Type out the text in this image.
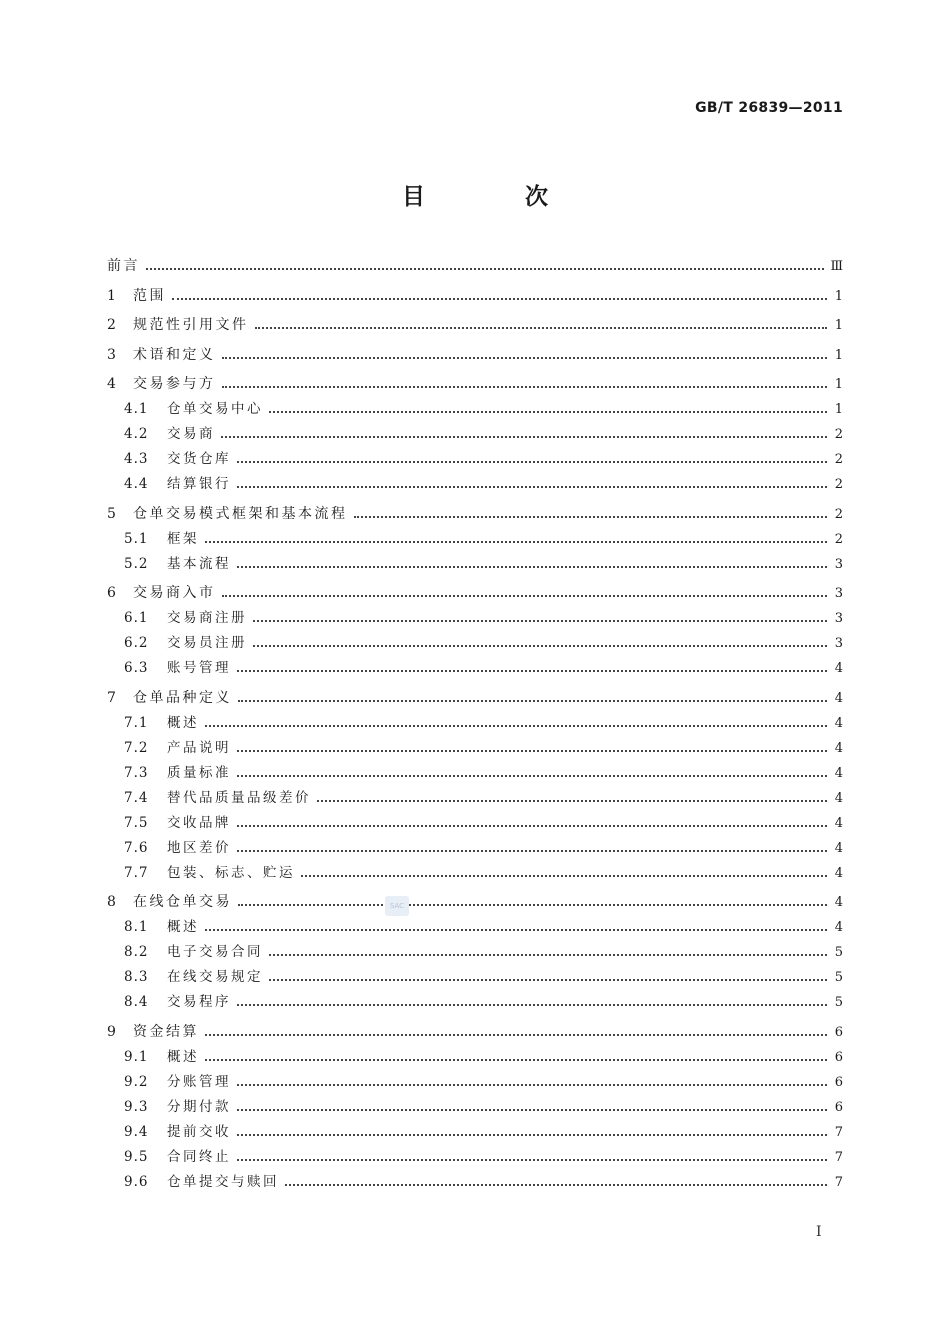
GB/T 26839—2011
目 次
前言	Ⅲ
1	范围	1
2	规范性引用文件	1
3	术语和定义	1
4	交易参与方	1
4.1	仓单交易中心	1
4.2	交易商	2
4.3	交货仓库	2
4.4	结算银行	2
5	仓单交易模式框架和基本流程	2
5.1	框架	2
5.2	基本流程	3
6	交易商入市	3
6.1	交易商注册	3
6.2	交易员注册	3
6.3	账号管理	4
7	仓单品种定义	4
7.1	概述	4
7.2	产品说明	4
7.3	质量标准	4
7.4	替代品质量品级差价	4
7.5	交收品牌	4
7.6	地区差价	4
7.7	包装、标志、贮运	4
8	在线仓单交易	4
8.1	概述	4
8.2	电子交易合同	5
8.3	在线交易规定	5
8.4	交易程序	5
9	资金结算	6
9.1	概述	6
9.2	分账管理	6
9.3	分期付款	6
9.4	提前交收	7
9.5	合同终止	7
9.6	仓单提交与赎回	7
SAC
Ⅰ
